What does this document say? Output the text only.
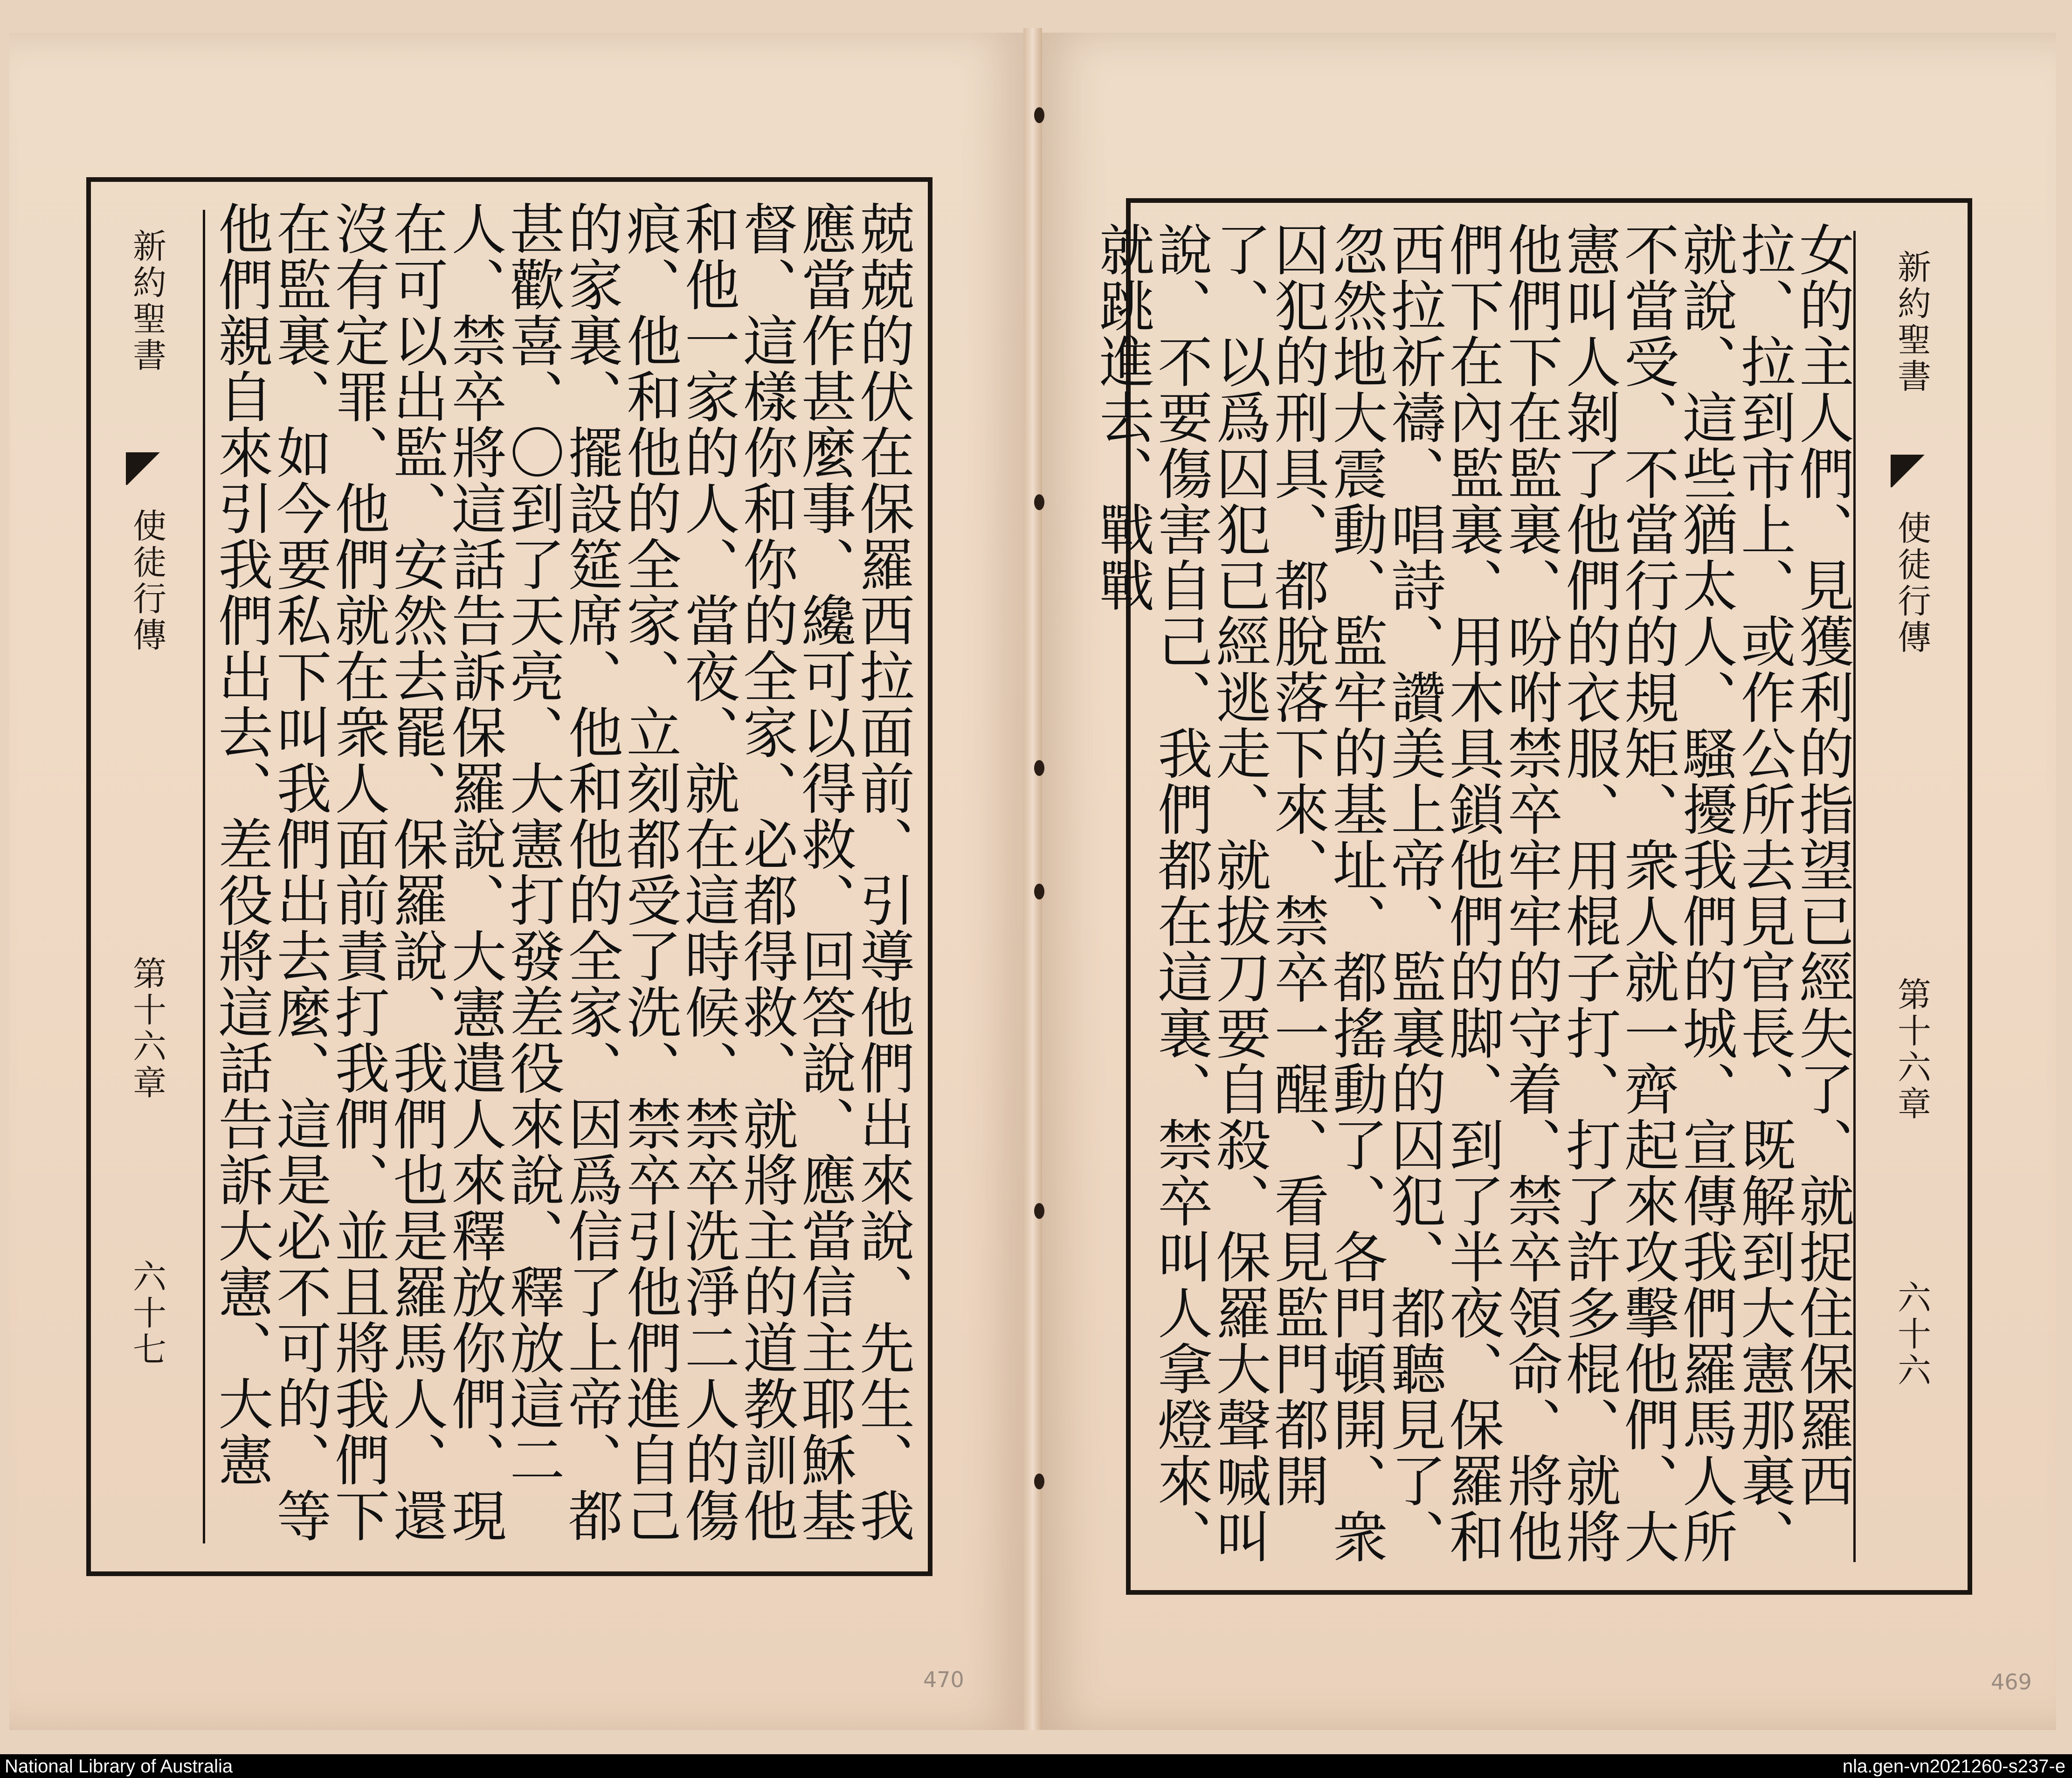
470	469
新約聖書
使徒行傳
第十六章
六十七	兢兢的伏在保羅西拉面前、引導他們出來說、先生、我應當作甚麼事、纔可以得救、回答說、應當信主耶穌基督、這樣你和你的全家、必都得救、就將主的道教訓他和他一家的人、當夜、就在這時候、禁卒洗淨二人的傷痕、他和他的全家、立刻都受了洗、禁卒引他們進自己的家裏、擺設筵席、他和他的全家、因爲信了上帝、都甚歡喜、〇到了天亮、大憲打發差役來說、釋放這二人、禁卒將這話告訴保羅說、大憲遣人來釋放你們、現在可以出監、安然去罷、保羅說、我們也是羅馬人、還沒有定罪、他們就在衆人面前責打我們、並且將我們下在監裏、如今要私下叫我們出去麼、這是必不可的、等他們親自來引我們出去、差役將這話告訴大憲、大憲	新約聖書
使徒行傳
第十六章
六十六
女的主人們、見獲利的指望已經失了、就捉住保羅西拉、拉到市上、或作公所去見官長、既解到大憲那裏、就說、這些猶太人、騷擾我們的城、宣傳我們羅馬人所不當受、不當行的規矩、衆人就一齊起來攻擊他們、大憲叫人剝了他們的衣服、用棍子打、打了許多棍、就將他們下在監裏、吩咐禁卒牢牢的守着、禁卒領命、將他們下在內監裏、用木具鎖他們的脚、到了半夜、保羅和西拉祈禱、唱詩、讚美上帝、監裏的囚犯、都聽見了、忽然地大震動、監牢的基址、都搖動了、各門頓開、衆囚犯的刑具、都脫落下來、禁卒一醒、看見監門都開了、以爲囚犯已經逃走、就拔刀要自殺、保羅大聲喊叫說、不要傷害自己、我們都在這裏、禁卒叫人拿燈來、就跳進去、戰戰
National Library of Australia	nla.gen-vn2021260-s237-e
